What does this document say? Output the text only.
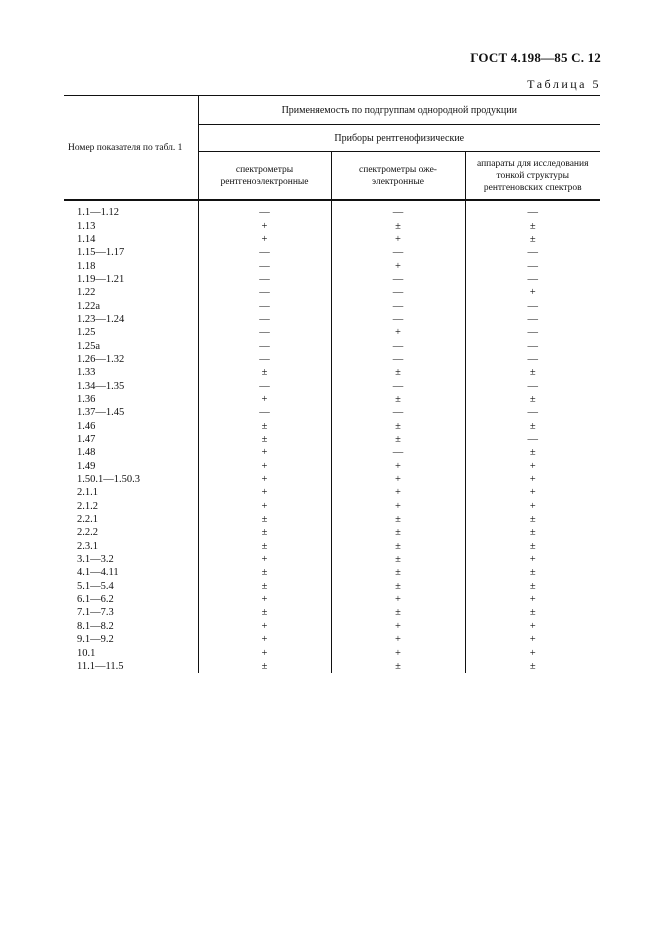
ГОСТ 4.198—85 С. 12
Таблица 5
Номер показателя по табл. 1	Применяемость по подгруппам однородной продукции		
	Приборы рентгенофизические		
	спектрометры рентгеноэлектронные	спектрометры оже-электронные	аппараты для исследования тонкой структуры рентгеновских спектров
1.1—1.12	—	—	—
1.13	+	±	±
1.14	+	+	±
1.15—1.17	—	—	—
1.18	—	+	—
1.19—1.21	—	—	—
1.22	—	—	+
1.22а	—	—	—
1.23—1.24	—	—	—
1.25	—	+	—
1.25а	—	—	—
1.26—1.32	—	—	—
1.33	±	±	±
1.34—1.35	—	—	—
1.36	+	±	±
1.37—1.45	—	—	—
1.46	±	±	±
1.47	±	±	—
1.48	+	—	±
1.49	+	+	+
1.50.1—1.50.3	+	+	+
2.1.1	+	+	+
2.1.2	+	+	+
2.2.1	±	±	±
2.2.2	±	±	±
2.3.1	±	±	±
3.1—3.2	+	±	+
4.1—4.11	±	±	±
5.1—5.4	±	±	±
6.1—6.2	+	+	+
7.1—7.3	±	±	±
8.1—8.2	+	+	+
9.1—9.2	+	+	+
10.1	+	+	+
11.1—11.5	±	±	±
